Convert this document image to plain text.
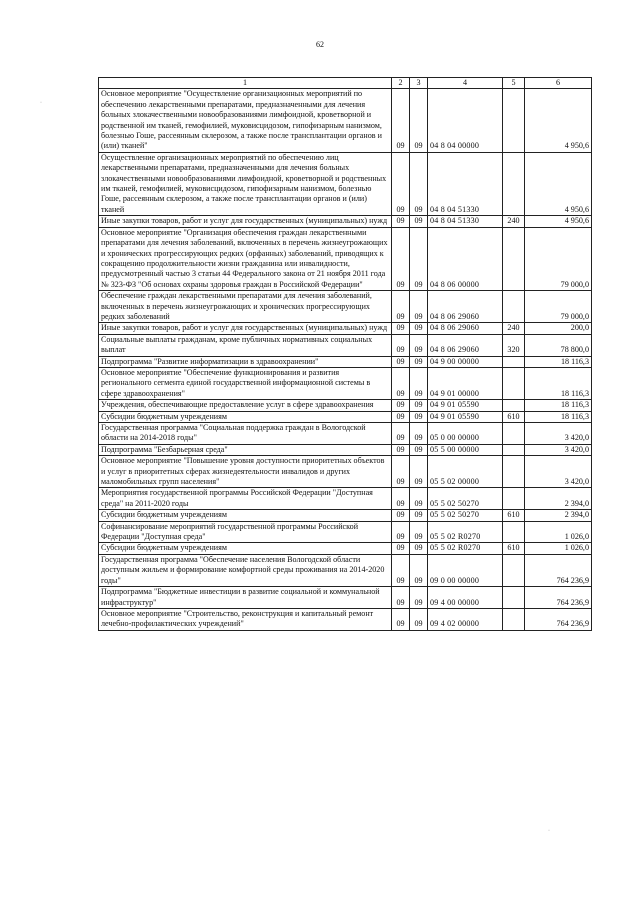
62
·
·
1	2	3	4	5	6
Основное мероприятие "Осуществление организационных мероприятий по обеспечению лекарственными препаратами, предназначенными для лечения больных злокачественными новообразованиями лимфоидной, кроветворной и родственной им тканей, гемофилией, муковисцидозом, гипофизарным нанизмом, болезнью Гоше, рассеянным склерозом, а также после трансплантации органов и (или) тканей"	09	09	04 8 04 00000		4 950,6
Осуществление организационных мероприятий по обеспечению лиц лекарственными препаратами, предназначенными для лечения больных злокачественными новообразованиями лимфоидной, кроветворной и родственных им тканей, гемофилией, муковисцидозом, гипофизарным нанизмом, болезнью Гоше, рассеянным склерозом, а также после трансплантации органов и (или) тканей	09	09	04 8 04 51330		4 950,6
Иные закупки товаров, работ и услуг для государственных (муниципальных) нужд	09	09	04 8 04 51330	240	4 950,6
Основное мероприятие "Организация обеспечения граждан лекарственными препаратами для лечения заболеваний, включенных в перечень жизнеугрожающих и хронических прогрессирующих редких (орфанных) заболеваний, приводящих к сокращению продолжительности жизни гражданина или инвалидности, предусмотренный частью 3 статьи 44 Федерального закона от 21 ноября 2011 года № 323-ФЗ "Об основах охраны здоровья граждан в Российской Федерации"	09	09	04 8 06 00000		79 000,0
Обеспечение граждан лекарственными препаратами для лечения заболеваний, включенных в перечень жизнеугрожающих и хронических прогрессирующих редких заболеваний	09	09	04 8 06 29060		79 000,0
Иные закупки товаров, работ и услуг для государственных (муниципальных) нужд	09	09	04 8 06 29060	240	200,0
Социальные выплаты гражданам, кроме публичных нормативных социальных выплат	09	09	04 8 06 29060	320	78 800,0
Подпрограмма "Развитие информатизации в здравоохранении"	09	09	04 9 00 00000		18 116,3
Основное мероприятие "Обеспечение функционирования и развития регионального сегмента единой государственной информационной системы в сфере здравоохранения"	09	09	04 9 01 00000		18 116,3
Учреждения, обеспечивающие предоставление услуг в сфере здравоохранения	09	09	04 9 01 05590		18 116,3
Субсидии бюджетным учреждениям	09	09	04 9 01 05590	610	18 116,3
Государственная программа "Социальная поддержка граждан в Вологодской области на 2014-2018 годы"	09	09	05 0 00 00000		3 420,0
Подпрограмма "Безбарьерная среда"	09	09	05 5 00 00000		3 420,0
Основное мероприятие "Повышение уровня доступности приоритетных объектов и услуг в приоритетных сферах жизнедеятельности инвалидов и других маломобильных групп населения"	09	09	05 5 02 00000		3 420,0
Мероприятия государственной программы Российской Федерации "Доступная среда" на 2011-2020 годы	09	09	05 5 02 50270		2 394,0
Субсидии бюджетным учреждениям	09	09	05 5 02 50270	610	2 394,0
Софинансирование мероприятий государственной программы Российской Федерации "Доступная среда"	09	09	05 5 02 R0270		1 026,0
Субсидии бюджетным учреждениям	09	09	05 5 02 R0270	610	1 026,0
Государственная программа "Обеспечение населения Вологодской области доступным жильем и формирование комфортной среды проживания на 2014-2020 годы"	09	09	09 0 00 00000		764 236,9
Подпрограмма "Бюджетные инвестиции в развитие социальной и коммунальной инфраструктур"	09	09	09 4 00 00000		764 236,9
Основное мероприятие "Строительство, реконструкция и капитальный ремонт лечебно-профилактических учреждений"	09	09	09 4 02 00000		764 236,9
